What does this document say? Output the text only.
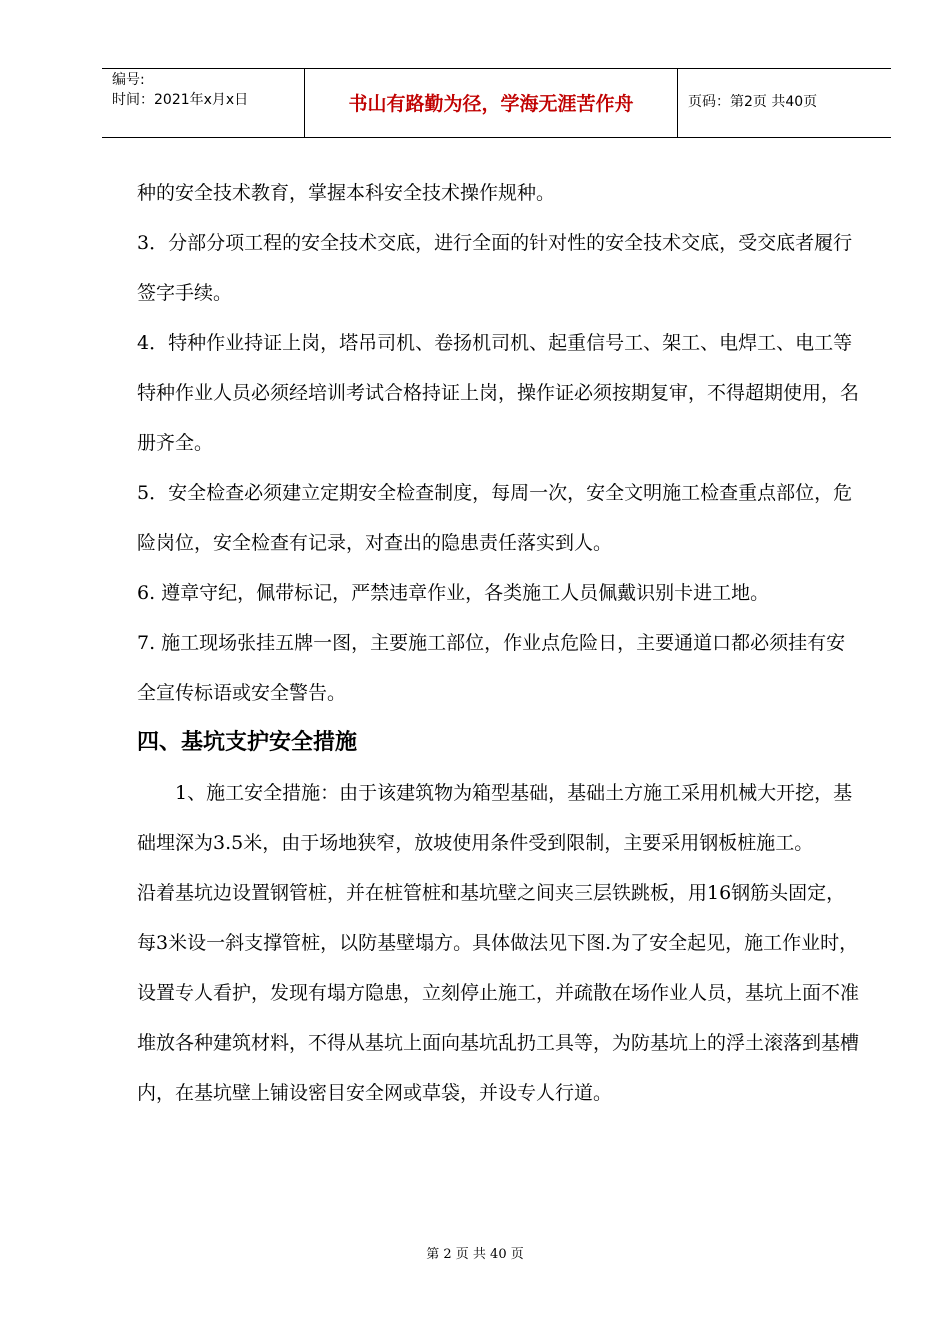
编号:
时间：2021年x月x日	书山有路勤为径，学海无涯苦作舟	页码：第2页 共40页

种的安全技术教育，掌握本科安全技术操作规种。

3．分部分项工程的安全技术交底，进行全面的针对性的安全技术交底，受交底者履行签字手续。

4．特种作业持证上岗，塔吊司机、卷扬机司机、起重信号工、架工、电焊工、电工等特种作业人员必须经培训考试合格持证上岗，操作证必须按期复审，不得超期使用，名册齐全。

5．安全检查必须建立定期安全检查制度，每周一次，安全文明施工检查重点部位，危险岗位，安全检查有记录，对查出的隐患责任落实到人。

6. 遵章守纪，佩带标记，严禁违章作业，各类施工人员佩戴识别卡进工地。

7. 施工现场张挂五牌一图，主要施工部位，作业点危险日，主要通道口都必须挂有安全宣传标语或安全警告。

四、基坑支护安全措施

1、施工安全措施：由于该建筑物为箱型基础，基础土方施工采用机械大开挖，基础埋深为3.5米，由于场地狭窄，放坡使用条件受到限制，主要采用钢板桩施工。

沿着基坑边设置钢管桩，并在桩管桩和基坑壁之间夹三层铁跳板，用16钢筋头固定，每3米设一斜支撑管桩，以防基壁塌方。具体做法见下图.为了安全起见，施工作业时，设置专人看护，发现有塌方隐患，立刻停止施工，并疏散在场作业人员，基坑上面不准堆放各种建筑材料，不得从基坑上面向基坑乱扔工具等，为防基坑上的浮土滚落到基槽内，在基坑壁上铺设密目安全网或草袋，并设专人行道。

第 2 页 共 40 页
